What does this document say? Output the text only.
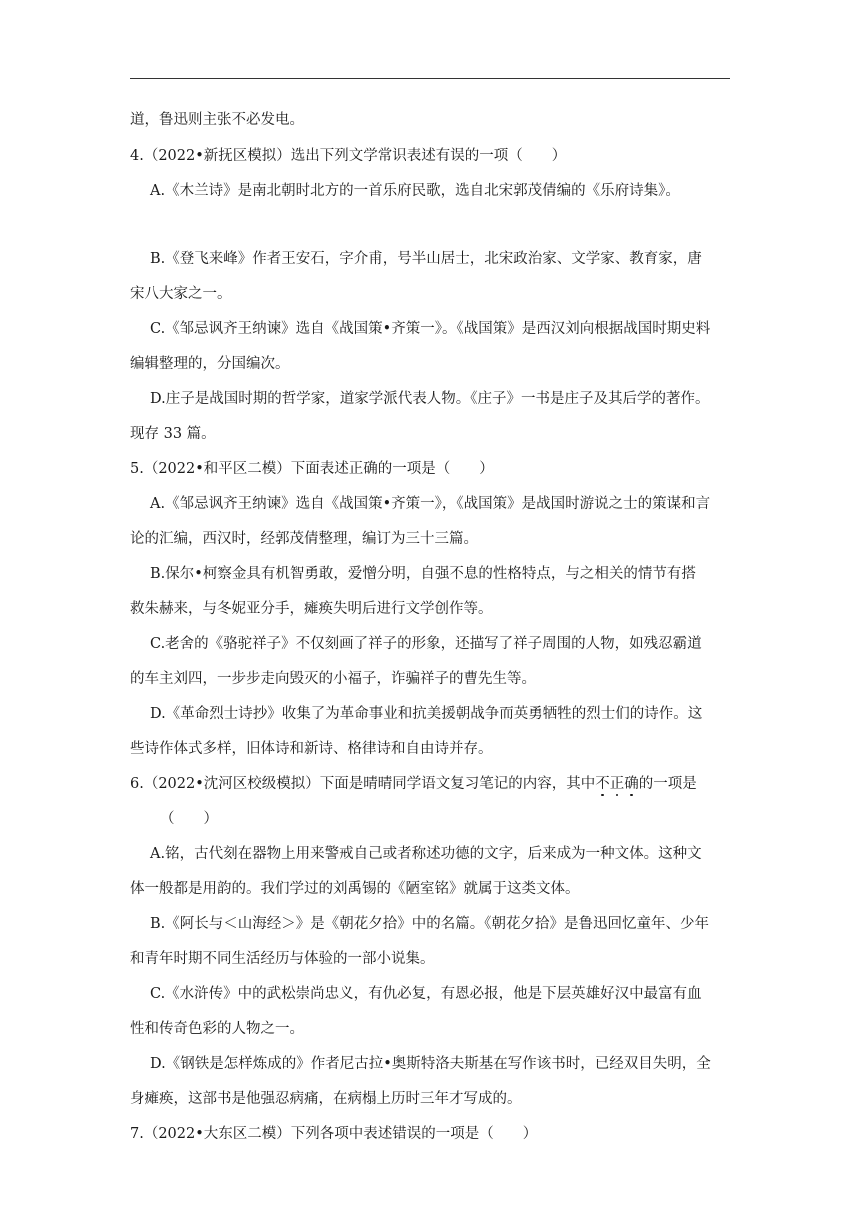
道，鲁迅则主张不必发电。
4.（2022•新抚区模拟）选出下列文学常识表述有误的一项（　　）
A.《木兰诗》是南北朝时北方的一首乐府民歌，选自北宋郭茂倩编的《乐府诗集》。
B.《登飞来峰》作者王安石，字介甫，号半山居士，北宋政治家、文学家、教育家，唐
宋八大家之一。
C.《邹忌讽齐王纳谏》选自《战国策•齐策一》。《战国策》是西汉刘向根据战国时期史料
编辑整理的，分国编次。
D.庄子是战国时期的哲学家，道家学派代表人物。《庄子》一书是庄子及其后学的著作。
现存 33 篇。
5.（2022•和平区二模）下面表述正确的一项是（　　）
A.《邹忌讽齐王纳谏》选自《战国策•齐策一》，《战国策》是战国时游说之士的策谋和言
论的汇编，西汉时，经郭茂倩整理，编订为三十三篇。
B.保尔•柯察金具有机智勇敢，爱憎分明，自强不息的性格特点，与之相关的情节有搭
救朱赫来，与冬妮亚分手，瘫痪失明后进行文学创作等。
C.老舍的《骆驼祥子》不仅刻画了祥子的形象，还描写了祥子周围的人物，如残忍霸道
的车主刘四，一步步走向毁灭的小福子，诈骗祥子的曹先生等。
D.《革命烈士诗抄》收集了为革命事业和抗美援朝战争而英勇牺牲的烈士们的诗作。这
些诗作体式多样，旧体诗和新诗、格律诗和自由诗并存。
6.（2022•沈河区校级模拟）下面是晴晴同学语文复习笔记的内容，其中不正确的一项是
（　　）
A.铭，古代刻在器物上用来警戒自己或者称述功德的文字，后来成为一种文体。这种文
体一般都是用韵的。我们学过的刘禹锡的《陋室铭》就属于这类文体。
B.《阿长与＜山海经＞》是《朝花夕拾》中的名篇。《朝花夕拾》是鲁迅回忆童年、少年
和青年时期不同生活经历与体验的一部小说集。
C.《水浒传》中的武松崇尚忠义，有仇必复，有恩必报，他是下层英雄好汉中最富有血
性和传奇色彩的人物之一。
D.《钢铁是怎样炼成的》作者尼古拉•奥斯特洛夫斯基在写作该书时，已经双目失明，全
身瘫痪，这部书是他强忍病痛，在病榻上历时三年才写成的。
7.（2022•大东区二模）下列各项中表述错误的一项是（　　）
